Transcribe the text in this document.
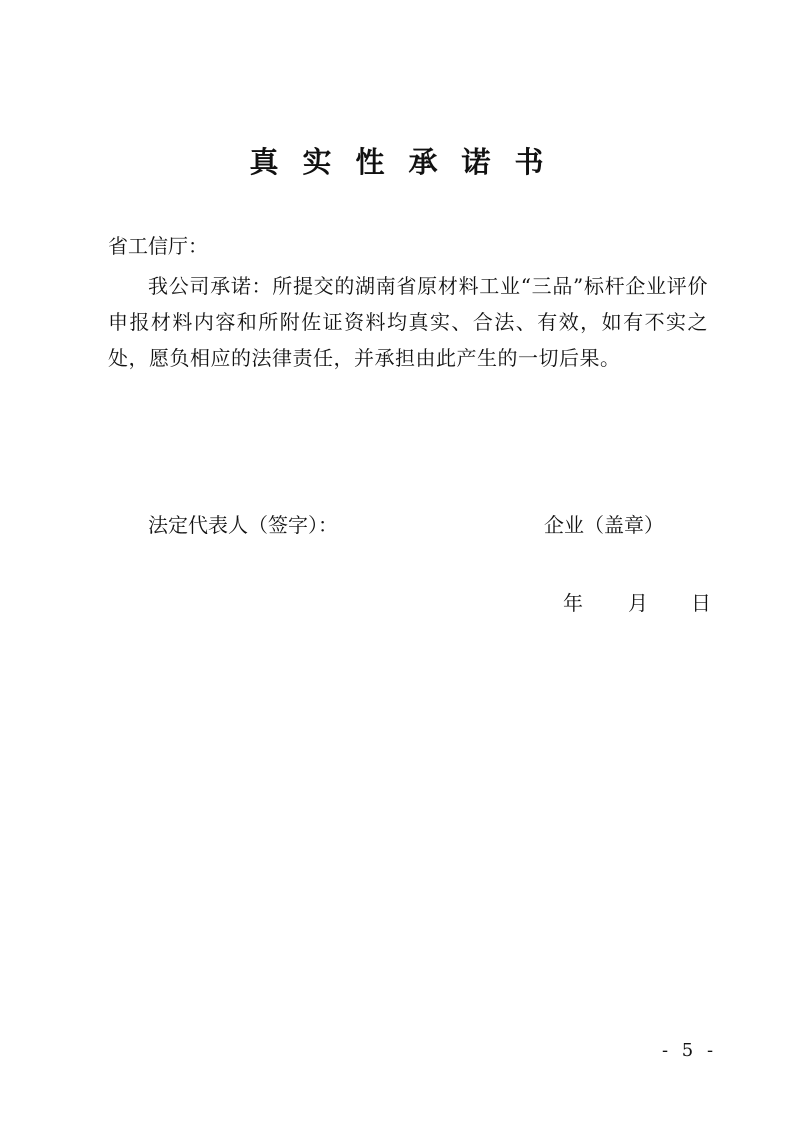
真实性承诺书
省工信厅：
我公司承诺：所提交的湖南省原材料工业“三品”标杆企业评价申报材料内容和所附佐证资料均真实、合法、有效，如有不实之处，愿负相应的法律责任，并承担由此产生的一切后果。
法定代表人（签字）：	企业（盖章）
年 月 日
- 5 -
